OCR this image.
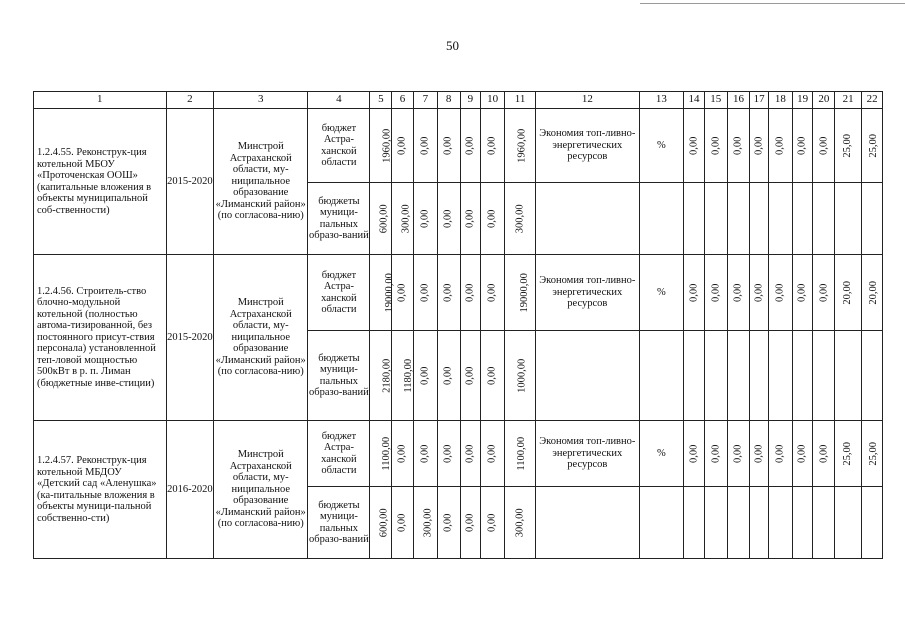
50
1	2	3	4	5	6	7	8	9	10	11	12	13	14	15	16	17	18	19	20	21	22
1.2.4.55. Реконструк-ция котельной МБОУ «Проточенская ООШ» (капитальные вложения в объекты муниципальной соб-ственности)	2015-2020	Минстрой Астраханской области, му-ниципальное образование «Лиманский район» (по согласова-нию)	бюджет Астра-ханской области	1960,00	0,00	0,00	0,00	0,00	0,00	1960,00	Экономия топ-ливно-энергетических ресурсов	%	0,00	0,00	0,00	0,00	0,00	0,00	0,00	25,00	25,00
			бюджеты муници-пальных образо-ваний	600,00	300,00	0,00	0,00	0,00	0,00	300,00											
1.2.4.56. Строитель-ство блочно-модульной котельной (полностью автома-тизированной, без постоянного присут-ствия персонала) установленной теп-ловой мощностью 500кВт в р. п. Лиман (бюджетные инве-стиции)	2015-2020	Минстрой Астраханской области, му-ниципальное образование «Лиманский район» (по согласова-нию)	бюджет Астра-ханской области	19000,00	0,00	0,00	0,00	0,00	0,00	19000,00	Экономия топ-ливно-энергетических ресурсов	%	0,00	0,00	0,00	0,00	0,00	0,00	0,00	20,00	20,00
			бюджеты муници-пальных образо-ваний	2180,00	1180,00	0,00	0,00	0,00	0,00	1000,00											
1.2.4.57. Реконструк-ция котельной МБДОУ «Детский сад «Аленушка» (ка-питальные вложения в объекты муници-пальной собственно-сти)	2016-2020	Минстрой Астраханской области, му-ниципальное образование «Лиманский район» (по согласова-нию)	бюджет Астра-ханской области	1100,00	0,00	0,00	0,00	0,00	0,00	1100,00	Экономия топ-ливно-энергетических ресурсов	%	0,00	0,00	0,00	0,00	0,00	0,00	0,00	25,00	25,00
			бюджеты муници-пальных образо-ваний	600,00	0,00	300,00	0,00	0,00	0,00	300,00											
